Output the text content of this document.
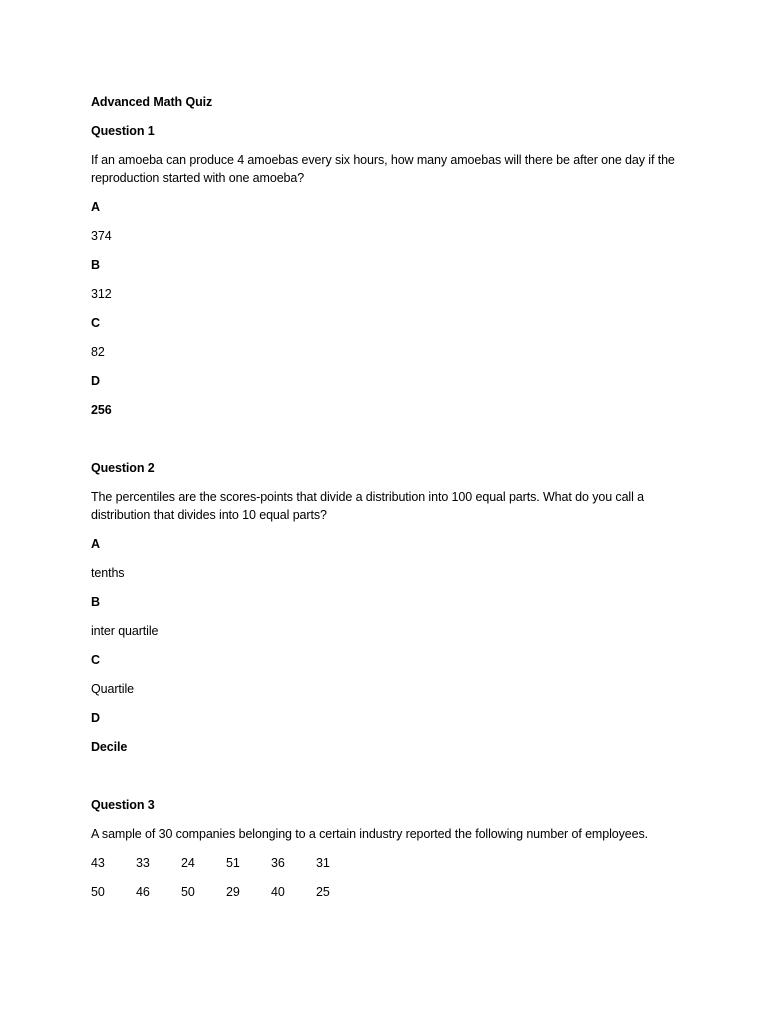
Advanced Math Quiz
Question 1
If an amoeba can produce 4 amoebas every six hours, how many amoebas will there be after one day if the reproduction started with one amoeba?
A
374
B
312
C
82
D
256
Question 2
The percentiles are the scores-points that divide a distribution into 100 equal parts. What do you call a distribution that divides into 10 equal parts?
A
tenths
B
inter quartile
C
Quartile
D
Decile
Question 3
A sample of 30 companies belonging to a certain industry reported the following number of employees.
43	33	24	51	36	31
50	46	50	29	40	25
